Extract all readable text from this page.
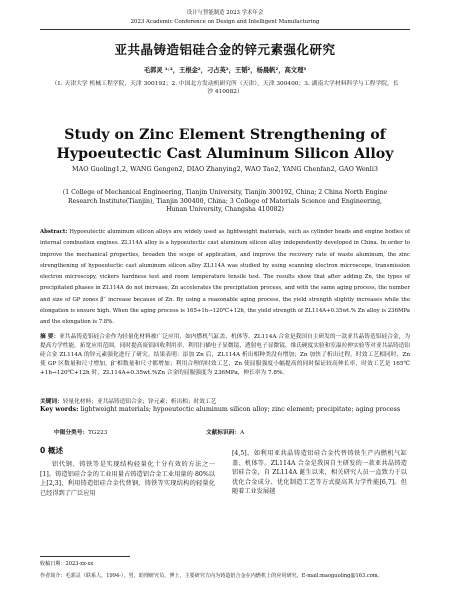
设计与智能制造 2023 学术年会
2023 Academic Conference on Design and Intelligent Manufacturing
亚共晶铸造铝硅合金的锌元素强化研究
毛郭灵 ¹˒²，王根金²，刁占英²，王韬²，杨晨帆²，高文理³
（1. 天津大学 机械工程学院，天津 300192；2. 中国北方发动机研究所（天津），天津 300400；3. 湖南大学材料科学与工程学院，长沙 410082）
Study on Zinc Element Strengthening of Hypoeutectic Cast Aluminum Silicon Alloy
MAO Guoling1,2, WANG Gengen2, DIAO Zhanying2, WAO Tao2, YANG Chenfan2, GAO Wenli3
(1 College of Mechanical Engineering, Tianjin University, Tianjin 300192, China; 2 China North Engine Research Institute(Tianjin), Tianjin 300400, China; 3 College of Materials Science and Engineering, Hunan University, Changsha 410082)
Abstract: Hypoeutectic aluminum silicon alloys are widely used as lightweight materials, such as cylinder heads and engine bodies of internal combustion engines. ZL114A alloy is a hypoeutectic cast aluminum silicon alloy independently developed in China. In order to improve the mechanical properties, broaden the scope of application, and improve the recovery rate of waste aluminum, the zinc strengthening of hypoeutectic cast aluminum silicon alloy ZL114A was studied by using scanning electron microscope, transmission electron microscopy, vickers hardness test and room temperature tensile test. The results show that after adding Zn, the types of precipitated phases in ZL114A do not increase, Zn accelerates the precipitation process, and with the same aging process, the number and size of GP zones β′′ increase because of Zn. By using a reasonable aging process, the yield strength slightly increases while the elongation is ensure high. When the aging process is 165+1h→120℃+12h, the yield strength of ZL114A+0.35wt.% Zn alloy is 236MPa and the elongation is 7.8%.
摘 要：亚共晶铸造铝硅合金作为轻量化材料被广泛应用，如内燃机气缸盖、机体等。ZL114A 合金是我国自主研发的一款亚共晶铸造铝硅合金，为提高力学性能，拓宽应用范围，同时提高废铝回收利用率，利用扫描电子显微镜、透射电子显微镜、维氏硬度实验和室温拉伸实验等对亚共晶铸造铝硅合金 ZL114A 的锌元素强化进行了研究。结果表明：添加 Zn 后，ZL114A 析出相种类没有增加；Zn 加快了析出过程，时效工艺相同时，Zn 使 GP 区数量和尺寸增加，β′′相数量和尺寸都增加；利用合理的时效工艺，Zn 使屈服强度小幅提高的同时保证较高伸长率，时效工艺是 165℃+1h→120℃+12h 时，ZL114A+0.35wt.%Zn 合金的屈服强度为 236MPa，伸长率为 7.8%。
关键词：轻量化材料；亚共晶铸造铝合金；锌元素；析出相；时效工艺
Key words: lightweight materials; hypoeutectic aluminum silicon alloy; zinc element; precipitate; aging process
中图分类号：TG223	文献标识码：A
0 概述
铝代钢、铸铁等是实现结构轻量化十分有效的方法之一[1]。铸造铝硅合金的工业用量占铸造铝合金工业用量的 80%以上[2,3]，利用铸造铝硅合金代替钢、铸铁等实现结构的轻量化已经得到了广泛应用
[4,5]。如利用亚共晶铸造铝硅合金代替铸铁生产内燃机气缸盖、机体等。ZL114A 合金是我国自主研发的一款亚共晶铸造铝硅合金，自 ZL114A 诞生以来，相关研究人员一直致力于以优化合金成分、优化制造工艺等方式提高其力学性能[6,7]。但随着工业发展越
收稿日期：2023-xx-xx
作者简介：毛郭灵（联系人，1994-），男，助理研究员，博士，主要研究方向为铸造铝合金在内燃机上的应用研究。E-mail:maoguoling@163.com。
